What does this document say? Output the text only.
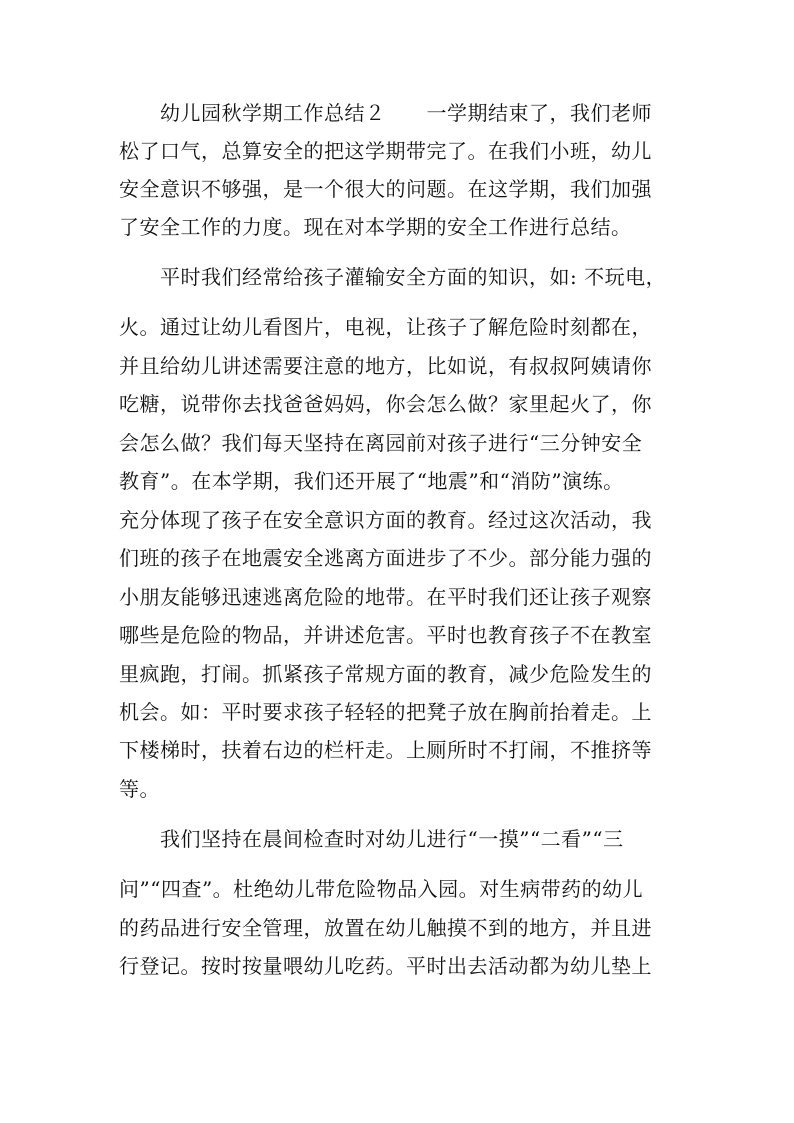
　　幼儿园秋学期工作总结２　　一学期结束了，我们老师
松了口气，总算安全的把这学期带完了。在我们小班，幼儿
安全意识不够强，是一个很大的问题。在这学期，我们加强
了安全工作的力度。现在对本学期的安全工作进行总结。
　　平时我们经常给孩子灌输安全方面的知识，如: 不玩电，
火。通过让幼儿看图片，电视，让孩子了解危险时刻都在，
并且给幼儿讲述需要注意的地方，比如说，有叔叔阿姨请你
吃糖，说带你去找爸爸妈妈，你会怎么做？家里起火了，你
会怎么做？我们每天坚持在离园前对孩子进行“三分钟安全
教育”。在本学期，我们还开展了“地震”和“消防”演练。
充分体现了孩子在安全意识方面的教育。经过这次活动，我
们班的孩子在地震安全逃离方面进步了不少。部分能力强的
小朋友能够迅速逃离危险的地带。在平时我们还让孩子观察
哪些是危险的物品，并讲述危害。平时也教育孩子不在教室
里疯跑，打闹。抓紧孩子常规方面的教育，减少危险发生的
机会。如：平时要求孩子轻轻的把凳子放在胸前抬着走。上
下楼梯时，扶着右边的栏杆走。上厕所时不打闹，不推挤等
等。
　　我们坚持在晨间检查时对幼儿进行“一摸”“二看”“三
问”“四查”。杜绝幼儿带危险物品入园。对生病带药的幼儿
的药品进行安全管理，放置在幼儿触摸不到的地方，并且进
行登记。按时按量喂幼儿吃药。平时出去活动都为幼儿垫上
